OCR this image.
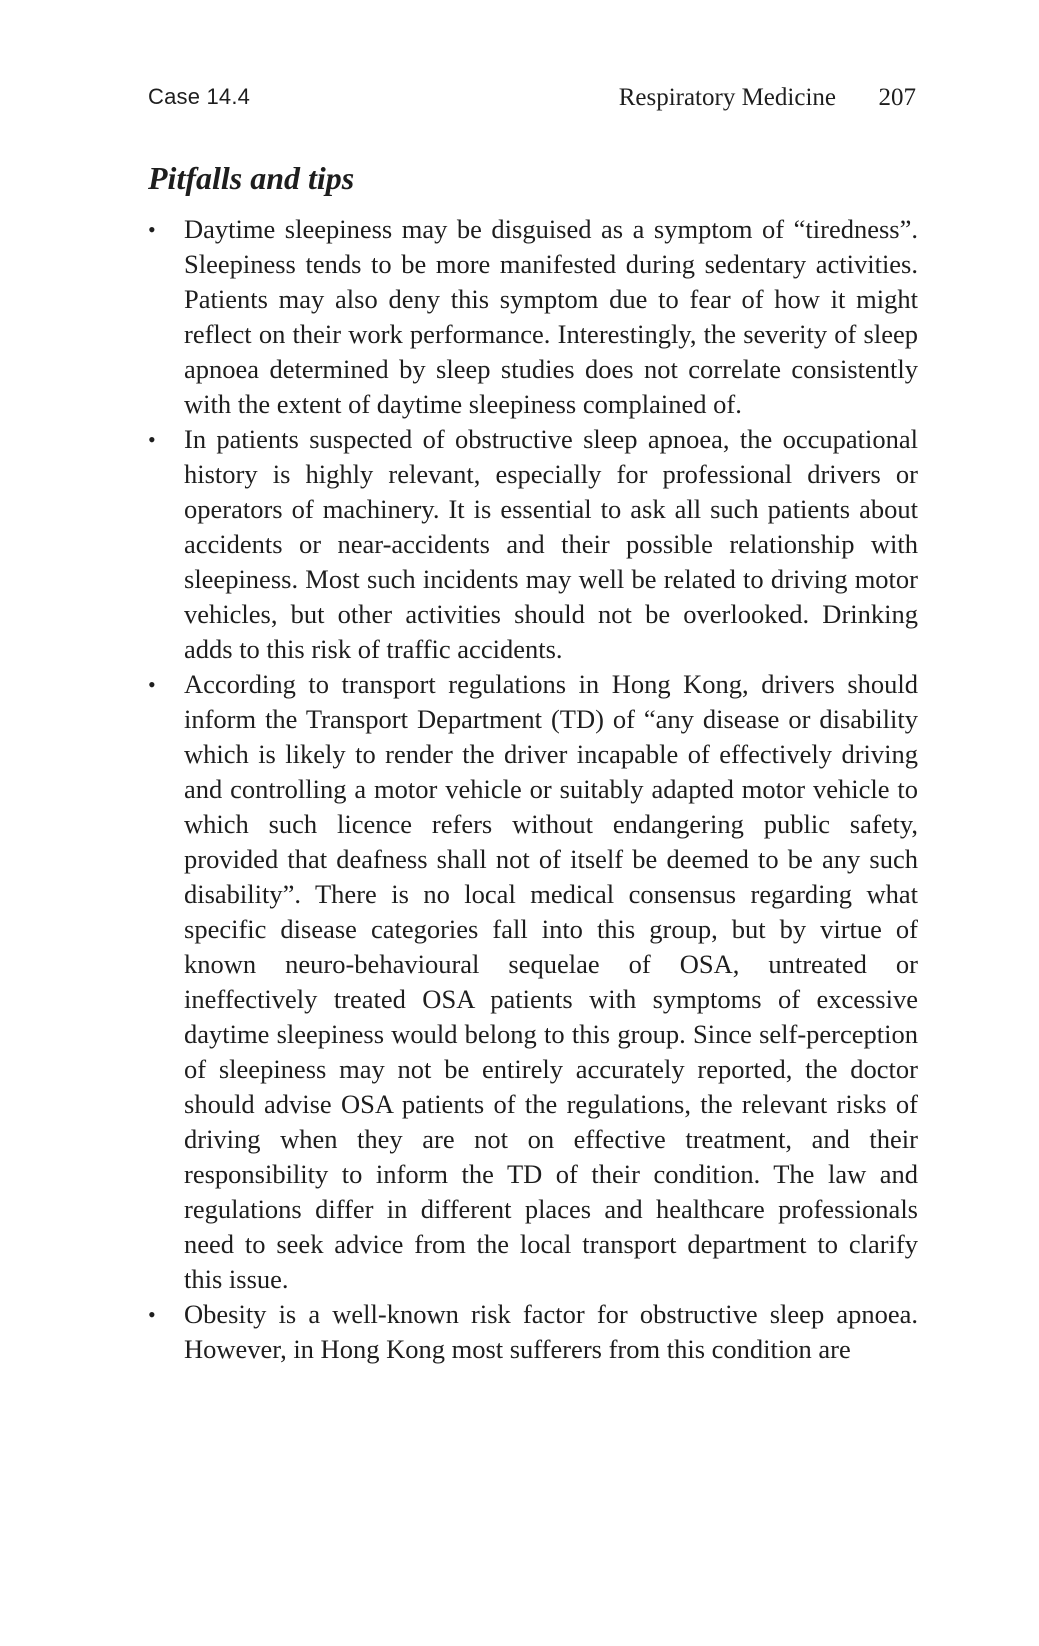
Case 14.4	Respiratory Medicine 207
Pitfalls and tips
• Daytime sleepiness may be disguised as a symptom of “tiredness”. Sleepiness tends to be more manifested during sedentary activities. Patients may also deny this symptom due to fear of how it might reflect on their work performance. Interestingly, the severity of sleep apnoea determined by sleep studies does not correlate consistently with the extent of daytime sleepiness complained of.
• In patients suspected of obstructive sleep apnoea, the occupational history is highly relevant, especially for professional drivers or operators of machinery. It is essential to ask all such patients about accidents or near-accidents and their possible relationship with sleepiness. Most such incidents may well be related to driving motor vehicles, but other activities should not be overlooked. Drinking adds to this risk of traffic accidents.
• According to transport regulations in Hong Kong, drivers should inform the Transport Department (TD) of “any disease or disability which is likely to render the driver incapable of effectively driving and controlling a motor vehicle or suitably adapted motor vehicle to which such licence refers without endangering public safety, provided that deafness shall not of itself be deemed to be any such disability”. There is no local medical consensus regarding what specific disease categories fall into this group, but by virtue of known neuro-behavioural sequelae of OSA, untreated or ineffectively treated OSA patients with symptoms of excessive daytime sleepiness would belong to this group. Since self-perception of sleepiness may not be entirely accurately reported, the doctor should advise OSA patients of the regulations, the relevant risks of driving when they are not on effective treatment, and their responsibility to inform the TD of their condition. The law and regulations differ in different places and healthcare professionals need to seek advice from the local transport department to clarify this issue.
• Obesity is a well-known risk factor for obstructive sleep apnoea. However, in Hong Kong most sufferers from this condition are
